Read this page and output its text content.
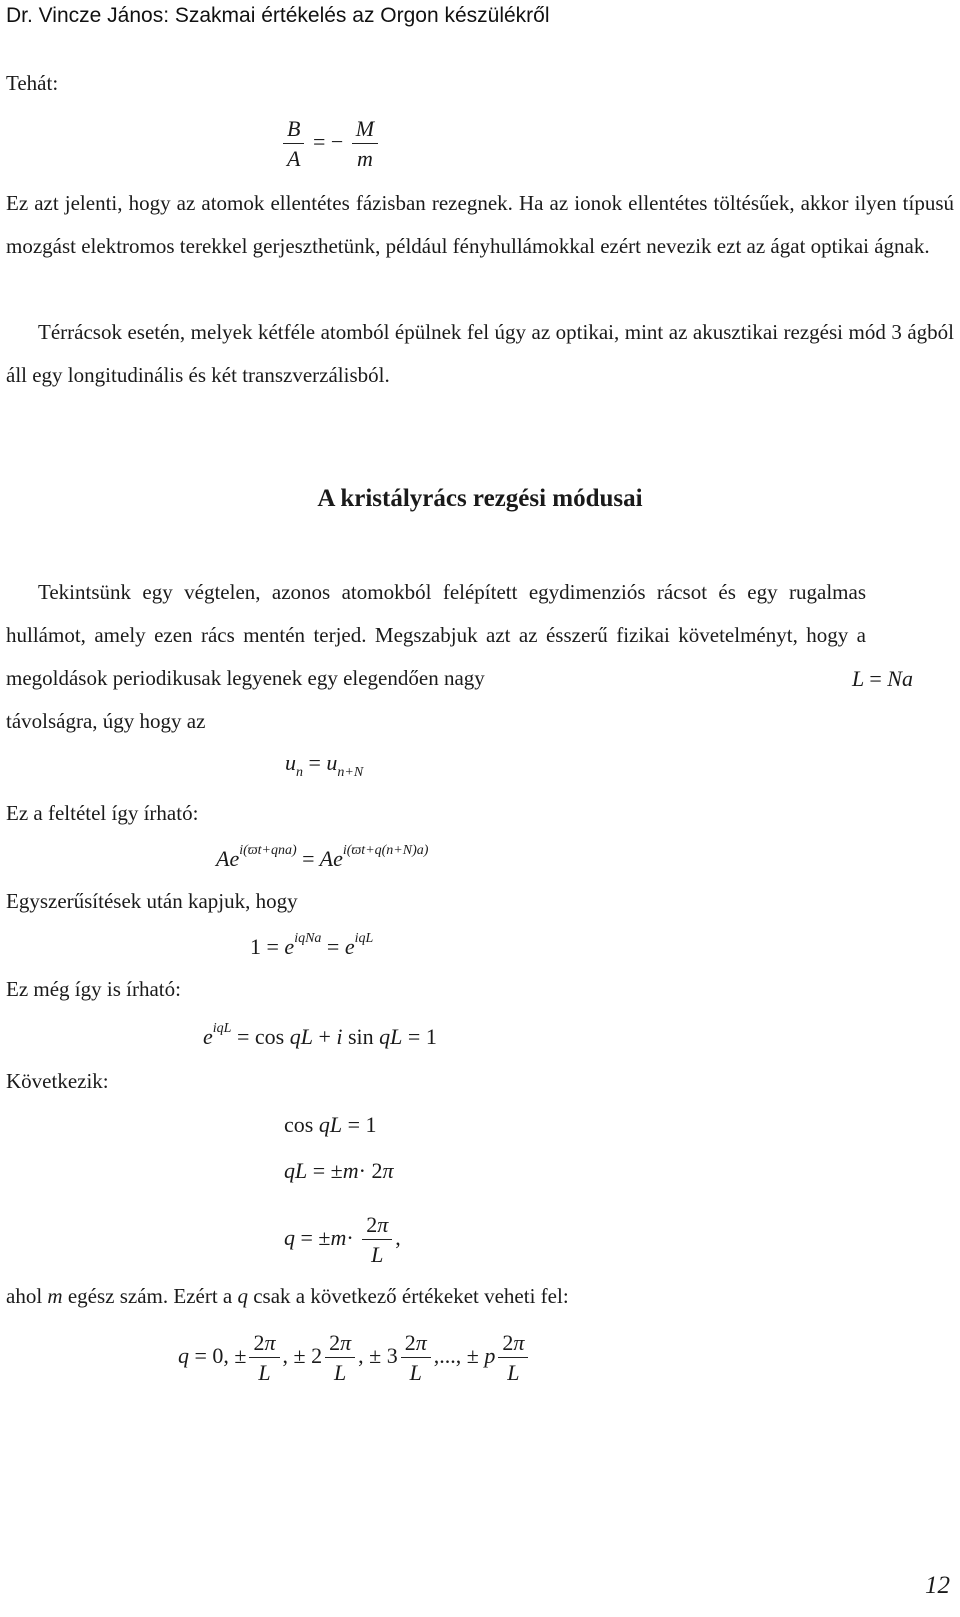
Dr. Vincze János: Szakmai értékelés az Orgon készülékről
Tehát:
$\frac{B}{A}$ = − $\frac{M}{m}$

Ez azt jelenti, hogy az atomok ellentétes fázisban rezegnek. Ha az ionok ellentétes töltésűek, akkor ilyen típusú mozgást elektromos terekkel gerjeszthetünk, például fényhullámokkal ezért nevezik ezt az ágat optikai ágnak.

Térrácsok esetén, melyek kétféle atomból épülnek fel úgy az optikai, mint az akusztikai rezgési mód 3 ágból áll egy longitudinális és két transzverzálisból.

A kristályrács rezgési módusai

Tekintsünk egy végtelen, azonos atomokból felépített egydimenziós rácsot és egy rugalmas hullámot, amely ezen rács mentén terjed. Megszabjuk azt az ésszerű fizikai követelményt, hogy a megoldások periodikusak legyenek egy elegendően nagy	L = Na
távolságra, úgy hogy az
$u_n = u_{n+N}$
Ez a feltétel így írható:
$Ae^{i(ϖt+qna)} = Ae^{i(ϖt+q(n+N)a)}$
Egyszerűsítések után kapjuk, hogy
$1 = e^{iqNa} = e^{iqL}$
Ez még így is írható:
$e^{iqL} = \cos$ qL + i sin qL = 1
Következik:
cos qL = 1
qL = ±m· 2π
$q = \pm m\cdot \frac{2\pi}{L}$ ,
ahol m egész szám. Ezért a q csak a következő értékeket veheti fel:
q = 0, ± $\frac{2\pi}{L}$ , ± $2 \frac{2\pi}{L}$ , ± $3 \frac{2\pi}{L}$ ,..., ± p $\frac{2\pi}{L}$
12
